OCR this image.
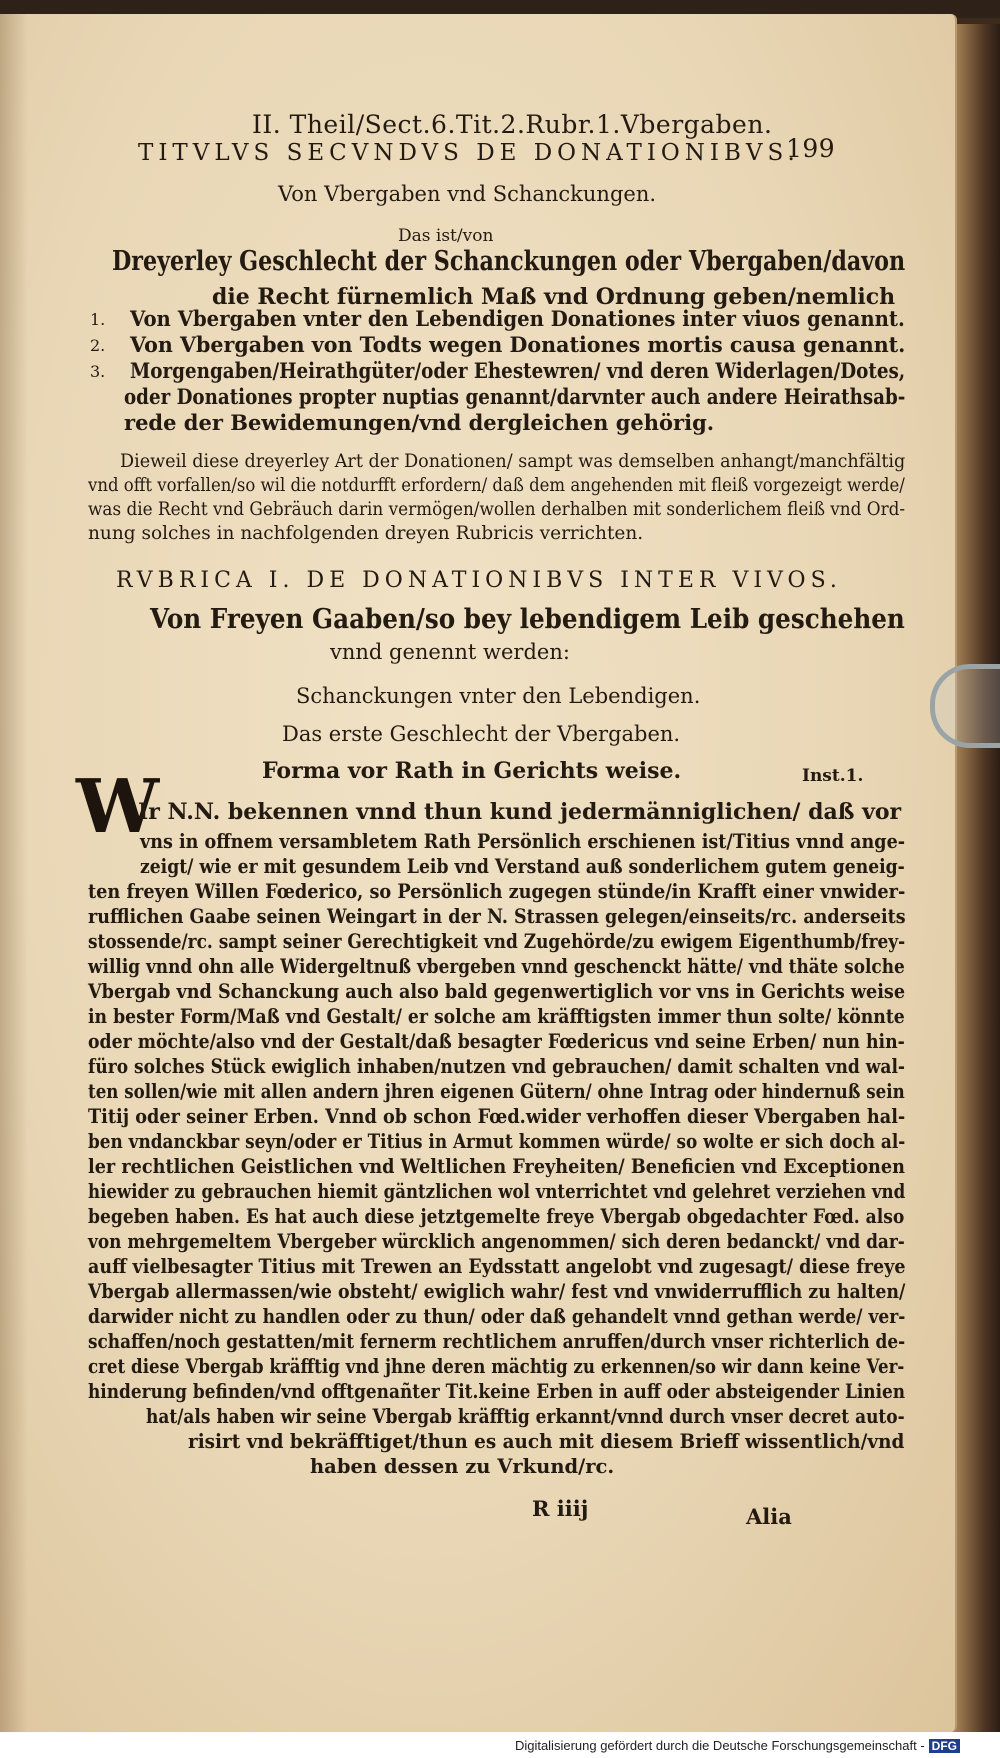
II. Theil/Sect.6.Tit.2.Rubr.1.Vbergaben.
199
TITVLVS SECVNDVS DE DONATIONIBVS.
Von Vbergaben vnd Schanckungen.
Das ist/von
Dreyerley Geschlecht der Schanckungen oder Vbergaben/davon
die Recht fürnemlich Maß vnd Ordnung geben/nemlich
1. Von Vbergaben vnter den Lebendigen Donationes inter viuos genannt.
2. Von Vbergaben von Todts wegen Donationes mortis causa genannt.
3. Morgengaben/Heirathgüter/oder Ehestewren/ vnd deren Widerlagen/Dotes,
oder Donationes propter nuptias genannt/darvnter auch andere Heirathsab-
rede der Bewidemungen/vnd dergleichen gehörig.
Dieweil diese dreyerley Art der Donationen/ sampt was demselben anhangt/manchfältig
vnd offt vorfallen/so wil die notdurfft erfordern/ daß dem angehenden mit fleiß vorgezeigt werde/
was die Recht vnd Gebräuch darin vermögen/wollen derhalben mit sonderlichem fleiß vnd Ord-
nung solches in nachfolgenden dreyen Rubricis verrichten.
RVBRICA I. DE DONATIONIBVS INTER VIVOS.
Von Freyen Gaaben/so bey lebendigem Leib geschehen
vnnd genennt werden:
Schanckungen vnter den Lebendigen.
Das erste Geschlecht der Vbergaben.
Forma vor Rath in Gerichts weise.	Inst.1.
W
Ir N.N. bekennen vnnd thun kund jedermänniglichen/ daß vor
vns in offnem versambletem Rath Persönlich erschienen ist/Titius vnnd ange-
zeigt/ wie er mit gesundem Leib vnd Verstand auß sonderlichem gutem geneig-
ten freyen Willen Fœderico, so Persönlich zugegen stünde/in Krafft einer vnwider-
rufflichen Gaabe seinen Weingart in der N. Strassen gelegen/einseits/rc. anderseits
stossende/rc. sampt seiner Gerechtigkeit vnd Zugehörde/zu ewigem Eigenthumb/frey-
willig vnnd ohn alle Widergeltnuß vbergeben vnnd geschenckt hätte/ vnd thäte solche
Vbergab vnd Schanckung auch also bald gegenwertiglich vor vns in Gerichts weise
in bester Form/Maß vnd Gestalt/ er solche am kräfftigsten immer thun solte/ könnte
oder möchte/also vnd der Gestalt/daß besagter Fœdericus vnd seine Erben/ nun hin-
füro solches Stück ewiglich inhaben/nutzen vnd gebrauchen/ damit schalten vnd wal-
ten sollen/wie mit allen andern jhren eigenen Gütern/ ohne Intrag oder hindernuß sein
Titij oder seiner Erben. Vnnd ob schon Fœd.wider verhoffen dieser Vbergaben hal-
ben vndanckbar seyn/oder er Titius in Armut kommen würde/ so wolte er sich doch al-
ler rechtlichen Geistlichen vnd Weltlichen Freyheiten/ Beneficien vnd Exceptionen
hiewider zu gebrauchen hiemit gäntzlichen wol vnterrichtet vnd gelehret verziehen vnd
begeben haben. Es hat auch diese jetztgemelte freye Vbergab obgedachter Fœd. also
von mehrgemeltem Vbergeber würcklich angenommen/ sich deren bedanckt/ vnd dar-
auff vielbesagter Titius mit Trewen an Eydsstatt angelobt vnd zugesagt/ diese freye
Vbergab allermassen/wie obsteht/ ewiglich wahr/ fest vnd vnwiderrufflich zu halten/
darwider nicht zu handlen oder zu thun/ oder daß gehandelt vnnd gethan werde/ ver-
schaffen/noch gestatten/mit fernerm rechtlichem anruffen/durch vnser richterlich de-
cret diese Vbergab kräfftig vnd jhne deren mächtig zu erkennen/so wir dann keine Ver-
hinderung befinden/vnd offtgenañter Tit.keine Erben in auff oder absteigender Linien
hat/als haben wir seine Vbergab kräfftig erkannt/vnnd durch vnser decret auto-
risirt vnd bekräfftiget/thun es auch mit diesem Brieff wissentlich/vnd
haben dessen zu Vrkund/rc.
R iiij	Alia
Digitalisierung gefördert durch die Deutsche Forschungsgemeinschaft - DFG
